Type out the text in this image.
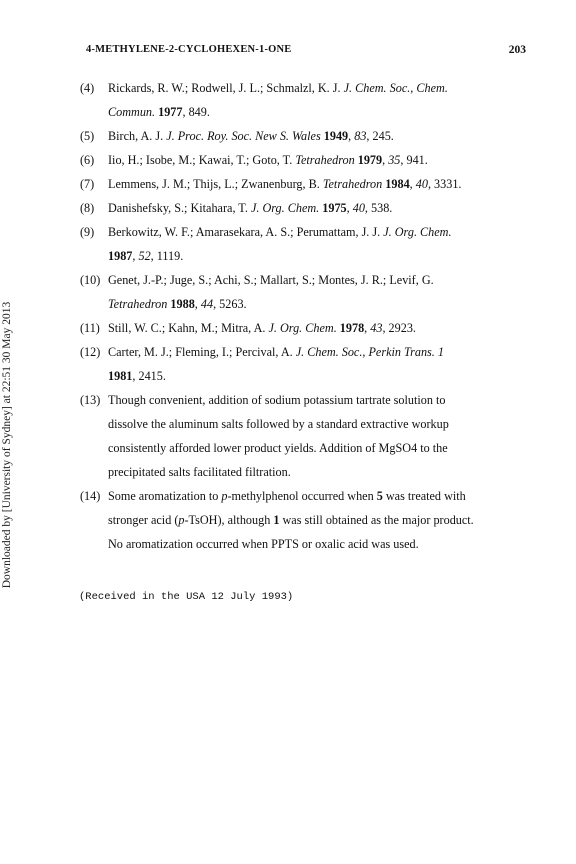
4-METHYLENE-2-CYCLOHEXEN-1-ONE	203
Downloaded by [University of Sydney] at 22:51 30 May 2013
(4) Rickards, R. W.; Rodwell, J. L.; Schmalzl, K. J. J. Chem. Soc., Chem.
Commun. 1977, 849.
(5) Birch, A. J. J. Proc. Roy. Soc. New S. Wales 1949, 83, 245.
(6) Iio, H.; Isobe, M.; Kawai, T.; Goto, T. Tetrahedron 1979, 35, 941.
(7) Lemmens, J. M.; Thijs, L.; Zwanenburg, B. Tetrahedron 1984, 40, 3331.
(8) Danishefsky, S.; Kitahara, T. J. Org. Chem. 1975, 40, 538.
(9) Berkowitz, W. F.; Amarasekara, A. S.; Perumattam, J. J. J. Org. Chem.
1987, 52, 1119.
(10) Genet, J.-P.; Juge, S.; Achi, S.; Mallart, S.; Montes, J. R.; Levif, G.
Tetrahedron 1988, 44, 5263.
(11) Still, W. C.; Kahn, M.; Mitra, A. J. Org. Chem. 1978, 43, 2923.
(12) Carter, M. J.; Fleming, I.; Percival, A. J. Chem. Soc., Perkin Trans. 1
1981, 2415.
(13) Though convenient, addition of sodium potassium tartrate solution to
dissolve the aluminum salts followed by a standard extractive workup
consistently afforded lower product yields. Addition of MgSO4 to the
precipitated salts facilitated filtration.
(14) Some aromatization to p-methylphenol occurred when 5 was treated with
stronger acid (p-TsOH), although 1 was still obtained as the major product.
No aromatization occurred when PPTS or oxalic acid was used.
(Received in the USA 12 July 1993)
